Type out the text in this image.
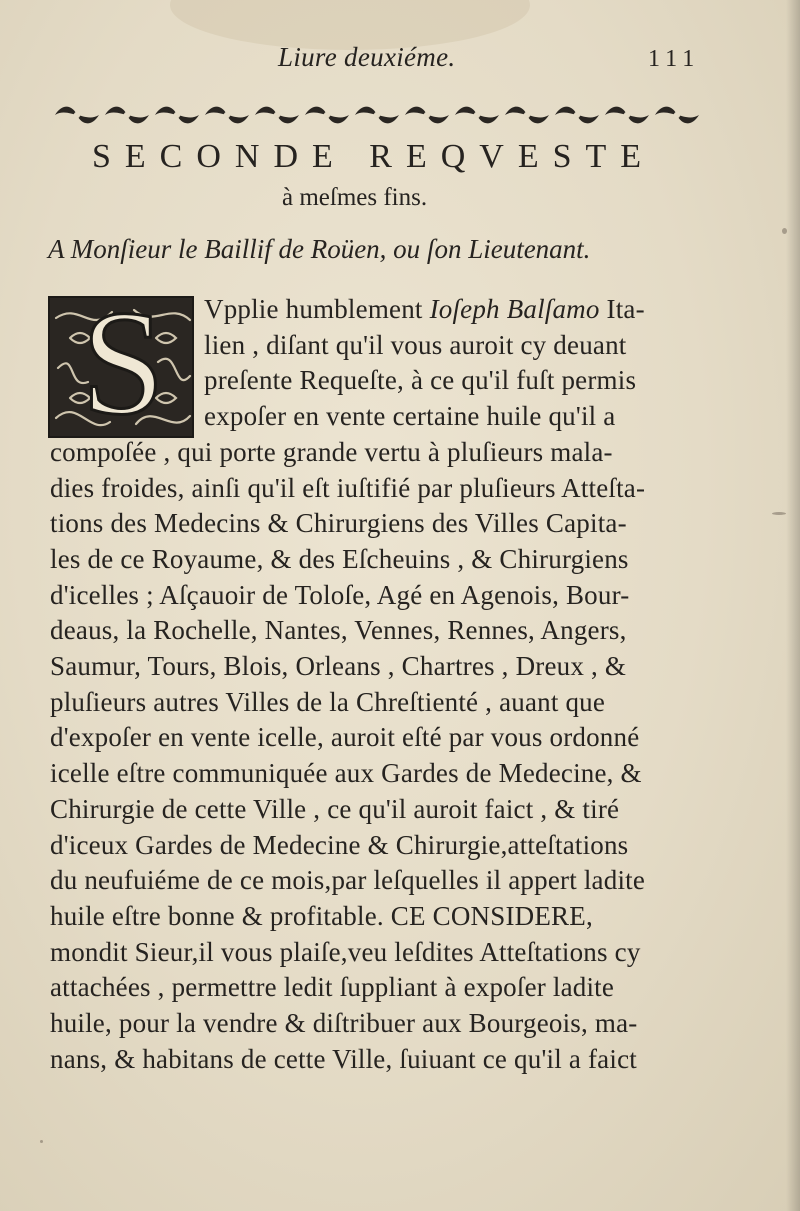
Liure deuxiéme.	111
SECONDE REQVESTE
à meſmes fins.
A Monſieur le Baillif de Roüen, ou ſon Lieutenant.
S	Vpplie humblement Ioſeph Balſamo Ita-
lien , diſant qu'il vous auroit cy deuant
preſente Requeſte, à ce qu'il fuſt permis
expoſer en vente certaine huile qu'il a
compoſée , qui porte grande vertu à pluſieurs mala-
dies froides, ainſi qu'il eſt iuſtifié par pluſieurs Atteſta-
tions des Medecins & Chirurgiens des Villes Capita-
les de ce Royaume, & des Eſcheuins , & Chirurgiens
d'icelles ; Aſçauoir de Toloſe, Agé en Agenois, Bour-
deaus, la Rochelle, Nantes, Vennes, Rennes, Angers,
Saumur, Tours, Blois, Orleans , Chartres , Dreux , &
pluſieurs autres Villes de la Chreſtienté , auant que
d'expoſer en vente icelle, auroit eſté par vous ordonné
icelle eſtre communiquée aux Gardes de Medecine, &
Chirurgie de cette Ville , ce qu'il auroit faict , & tiré
d'iceux Gardes de Medecine & Chirurgie,atteſtations
du neufuiéme de ce mois,par leſquelles il appert ladite
huile eſtre bonne & profitable. CE CONSIDERE,
mondit Sieur,il vous plaiſe,veu leſdites Atteſtations cy
attachées , permettre ledit ſuppliant à expoſer ladite
huile, pour la vendre & diſtribuer aux Bourgeois, ma-
nans, & habitans de cette Ville, ſuiuant ce qu'il a faict
